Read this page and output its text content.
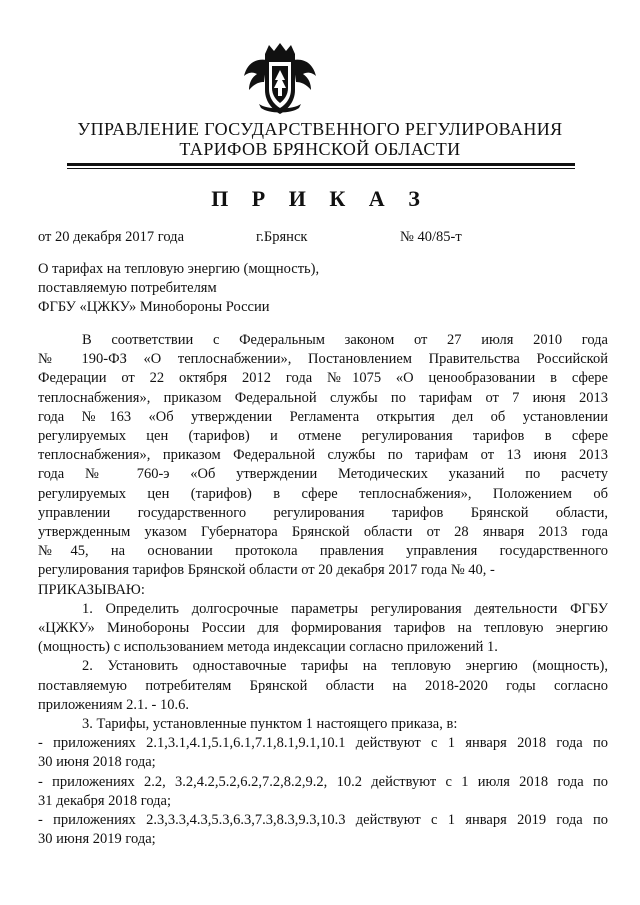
УПРАВЛЕНИЕ ГОСУДАРСТВЕННОГО РЕГУЛИРОВАНИЯ
ТАРИФОВ БРЯНСКОЙ ОБЛАСТИ
П Р И К А З
от 20 декабря 2017 года	г.Брянск	№ 40/85-т
О тарифах на тепловую энергию (мощность),
поставляемую потребителям
ФГБУ «ЦЖКУ» Минобороны России

В соответствии с Федеральным законом от 27 июля 2010 года

№ 190-ФЗ «О теплоснабжении», Постановлением Правительства Российской

Федерации от 22 октября 2012 года №1075 «О ценообразовании в сфере

теплоснабжения», приказом Федеральной службы по тарифам от 7 июня 2013

года №163 «Об утверждении Регламента открытия дел об установлении

регулируемых цен (тарифов) и отмене регулирования тарифов в сфере

теплоснабжения», приказом Федеральной службы по тарифам от 13 июня 2013

года № 760-э «Об утверждении Методических указаний по расчету

регулируемых цен (тарифов) в сфере теплоснабжения», Положением об

управлении государственного регулирования тарифов Брянской области,

утвержденным указом Губернатора Брянской области от 28 января 2013 года

№45, на основании протокола правления управления государственного

регулирования тарифов Брянской области от 20 декабря 2017 года № 40, -

ПРИКАЗЫВАЮ:

1. Определить долгосрочные параметры регулирования деятельности ФГБУ

«ЦЖКУ» Минобороны России для формирования тарифов на тепловую энергию

(мощность) с использованием метода индексации согласно приложений 1.

2. Установить одноставочные тарифы на тепловую энергию (мощность),

поставляемую потребителям Брянской области на 2018-2020 годы согласно

приложениям 2.1. - 10.6.

3. Тарифы, установленные пунктом 1 настоящего приказа, в:

- приложениях 2.1,3.1,4.1,5.1,6.1,7.1,8.1,9.1,10.1 действуют с 1 января 2018 года по

30 июня 2018 года;

- приложениях 2.2, 3.2,4.2,5.2,6.2,7.2,8.2,9.2, 10.2 действуют с 1 июля 2018 года по

31 декабря 2018 года;

- приложениях 2.3,3.3,4.3,5.3,6.3,7.3,8.3,9.3,10.3 действуют с 1 января 2019 года по

30 июня 2019 года;
